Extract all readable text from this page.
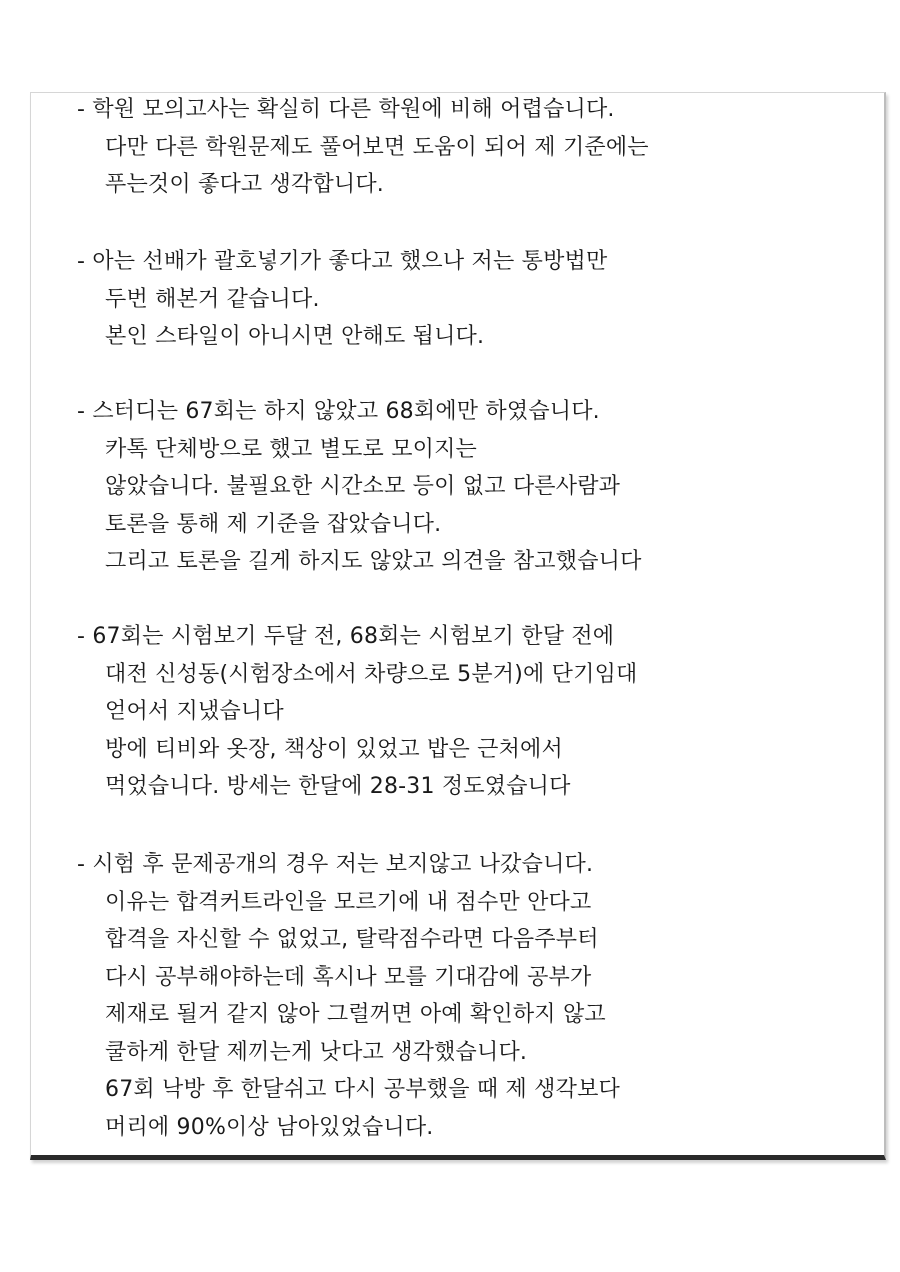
- 학원 모의고사는 확실히 다른 학원에 비해 어렵습니다.
다만 다른 학원문제도 풀어보면 도움이 되어 제 기준에는
푸는것이 좋다고 생각합니다.
- 아는 선배가 괄호넣기가 좋다고 했으나 저는 통방법만
두번 해본거 같습니다.
본인 스타일이 아니시면 안해도 됩니다.
- 스터디는 67회는 하지 않았고 68회에만 하였습니다.
카톡 단체방으로 했고 별도로 모이지는
않았습니다. 불필요한 시간소모 등이 없고 다른사람과
토론을 통해 제 기준을 잡았습니다.
그리고 토론을 길게 하지도 않았고 의견을 참고했습니다
- 67회는 시험보기 두달 전, 68회는 시험보기 한달 전에
대전 신성동(시험장소에서 차량으로 5분거)에 단기임대
얻어서 지냈습니다
방에 티비와 옷장, 책상이 있었고 밥은 근처에서
먹었습니다. 방세는 한달에 28-31 정도였습니다
- 시험 후 문제공개의 경우 저는 보지않고 나갔습니다.
이유는 합격커트라인을 모르기에 내 점수만 안다고
합격을 자신할 수 없었고, 탈락점수라면 다음주부터
다시 공부해야하는데 혹시나 모를 기대감에 공부가
제재로 될거 같지 않아 그럴꺼면 아예 확인하지 않고
쿨하게 한달 제끼는게 낫다고 생각했습니다.
67회 낙방 후 한달쉬고 다시 공부했을 때 제 생각보다
머리에 90%이상 남아있었습니다.
